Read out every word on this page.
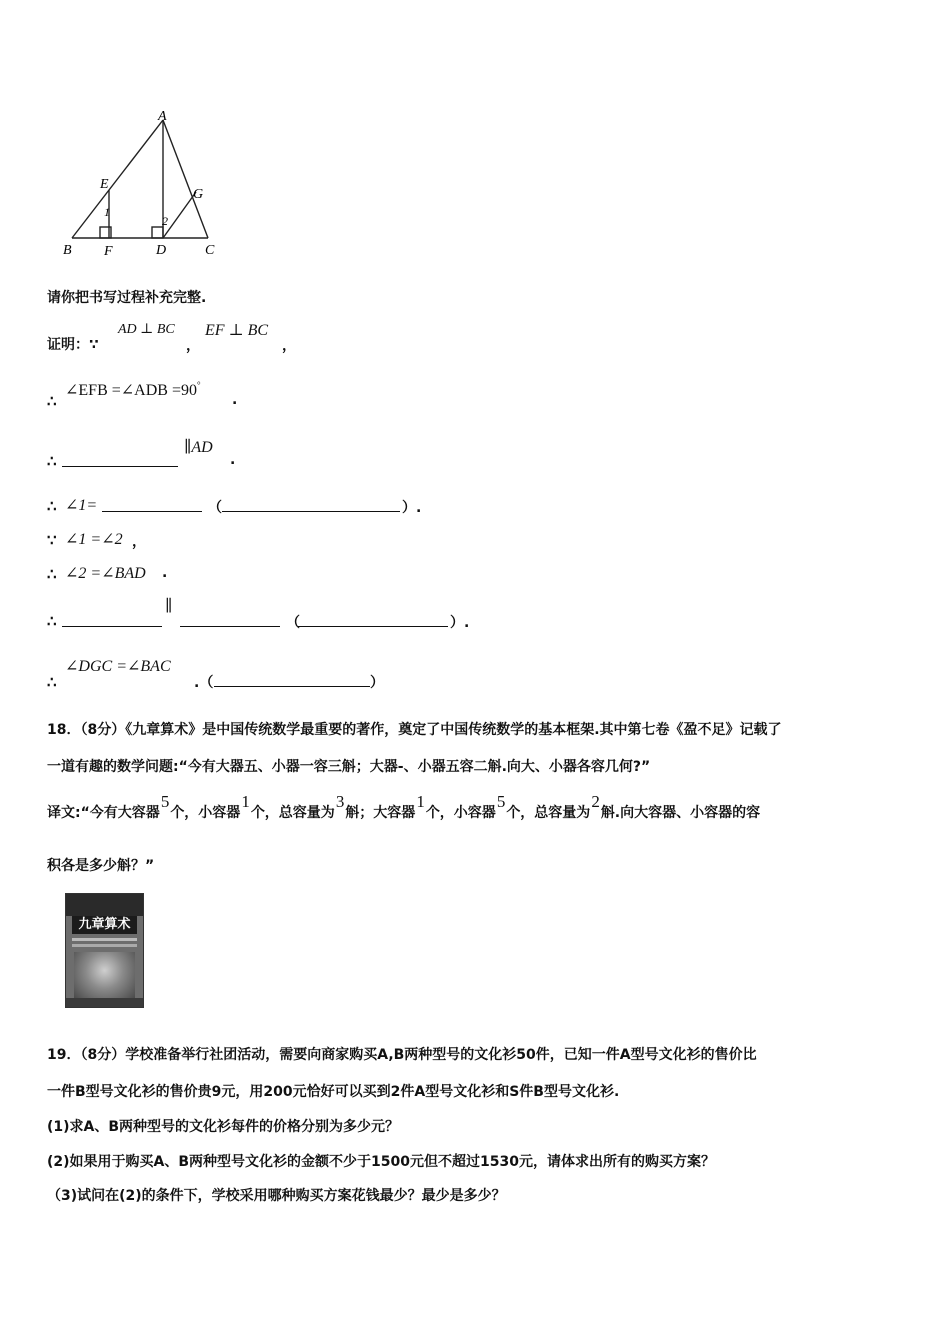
A
B	C
D
E
F
G
1
2
请你把书写过程补充完整.
证明：∵
AD ⊥ BC
，
EF ⊥ BC
，
∴
∠EFB =∠ADB =90°
.
∴
∥AD
.
∴ ∠1=	（	）.
∵ ∠1 =∠2 ，
∴ ∠2 =∠BAD .
∴
∥
（	）.
∴
∠DGC =∠BAC
.（	）
18．（8分）《九章算术》是中国传统数学最重要的著作，奠定了中国传统数学的基本框架.其中第七卷《盈不足》记载了
一道有趣的数学问题:“今有大器五、小器一容三斛；大器-、小器五容二斛.向大、小器各容几何?”
译文:“今有大容器5个，小容器1个，总容量为3斛；大容器1个，小容器5个，总容量为2斛.向大容器、小容器的容
积各是多少斛？”
九章算术
19．（8分）学校准备举行社团活动，需要向商家购买A,B两种型号的文化衫50件，已知一件A型号文化衫的售价比
一件B型号文化衫的售价贵9元，用200元恰好可以买到2件A型号文化衫和S件B型号文化衫.
(1)求A、B两种型号的文化衫每件的价格分别为多少元？
(2)如果用于购买A、B两种型号文化衫的金额不少于1500元但不超过1530元，请体求出所有的购买方案？
（3)试问在(2)的条件下，学校采用哪种购买方案花钱最少？最少是多少？
